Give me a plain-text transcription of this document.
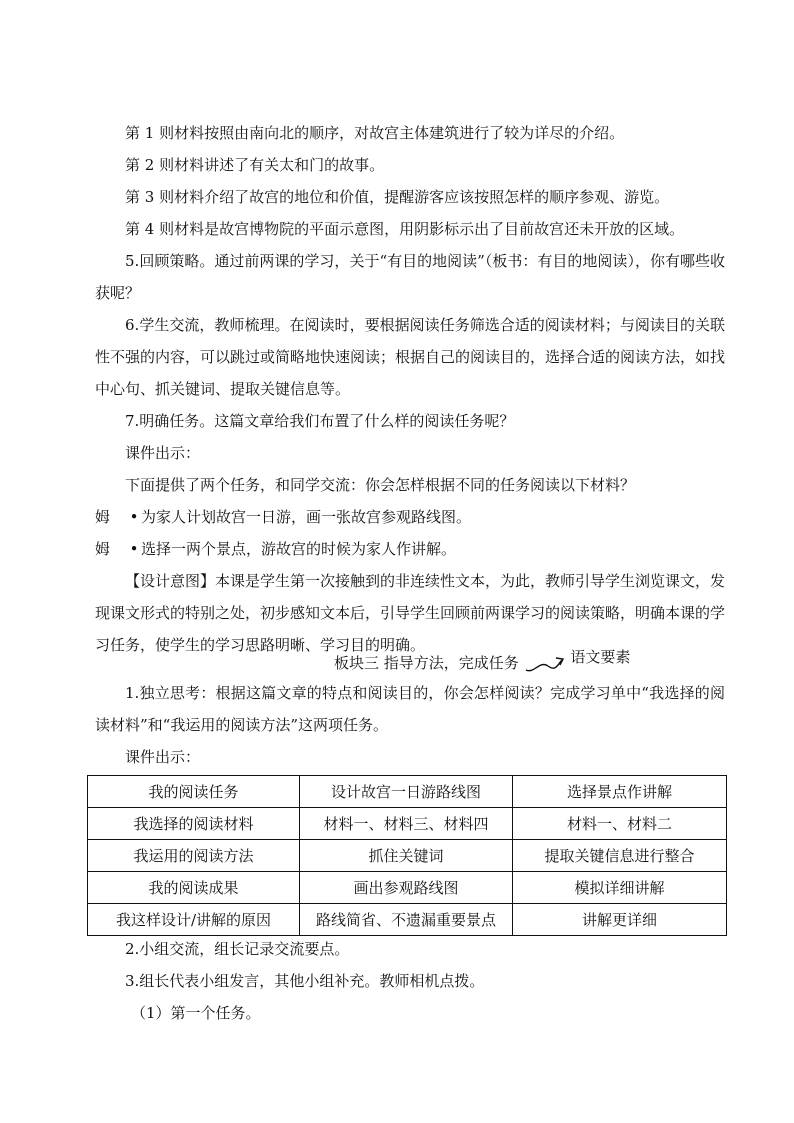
第 1 则材料按照由南向北的顺序，对故宫主体建筑进行了较为详尽的介绍。
第 2 则材料讲述了有关太和门的故事。
第 3 则材料介绍了故宫的地位和价值，提醒游客应该按照怎样的顺序参观、游览。
第 4 则材料是故宫博物院的平面示意图，用阴影标示出了目前故宫还未开放的区域。
5.回顾策略。通过前两课的学习，关于“有目的地阅读”（板书：有目的地阅读），你有哪些收获呢？
6.学生交流，教师梳理。在阅读时，要根据阅读任务筛选合适的阅读材料；与阅读目的关联性不强的内容，可以跳过或简略地快速阅读；根据自己的阅读目的，选择合适的阅读方法，如找中心句、抓关键词、提取关键信息等。
7.明确任务。这篇文章给我们布置了什么样的阅读任务呢？
课件出示：
下面提供了两个任务，和同学交流：你会怎样根据不同的任务阅读以下材料？
姆 • 为家人计划故宫一日游，画一张故宫参观路线图。
姆 • 选择一两个景点，游故宫的时候为家人作讲解。
【设计意图】本课是学生第一次接触到的非连续性文本，为此，教师引导学生浏览课文，发现课文形式的特别之处，初步感知文本后，引导学生回顾前两课学习的阅读策略，明确本课的学习任务，使学生的学习思路明晰、学习目的明确。
板块三 指导方法，完成任务	语文要素
1.独立思考：根据这篇文章的特点和阅读目的，你会怎样阅读？完成学习单中“我选择的阅读材料”和“我运用的阅读方法”这两项任务。
课件出示：
我的阅读任务	设计故宫一日游路线图	选择景点作讲解
我选择的阅读材料	材料一、材料三、材料四	材料一、材料二
我运用的阅读方法	抓住关键词	提取关键信息进行整合
我的阅读成果	画出参观路线图	模拟详细讲解
我这样设计/讲解的原因	路线简省、不遗漏重要景点	讲解更详细
2.小组交流，组长记录交流要点。
3.组长代表小组发言，其他小组补充。教师相机点拨。
（1）第一个任务。
